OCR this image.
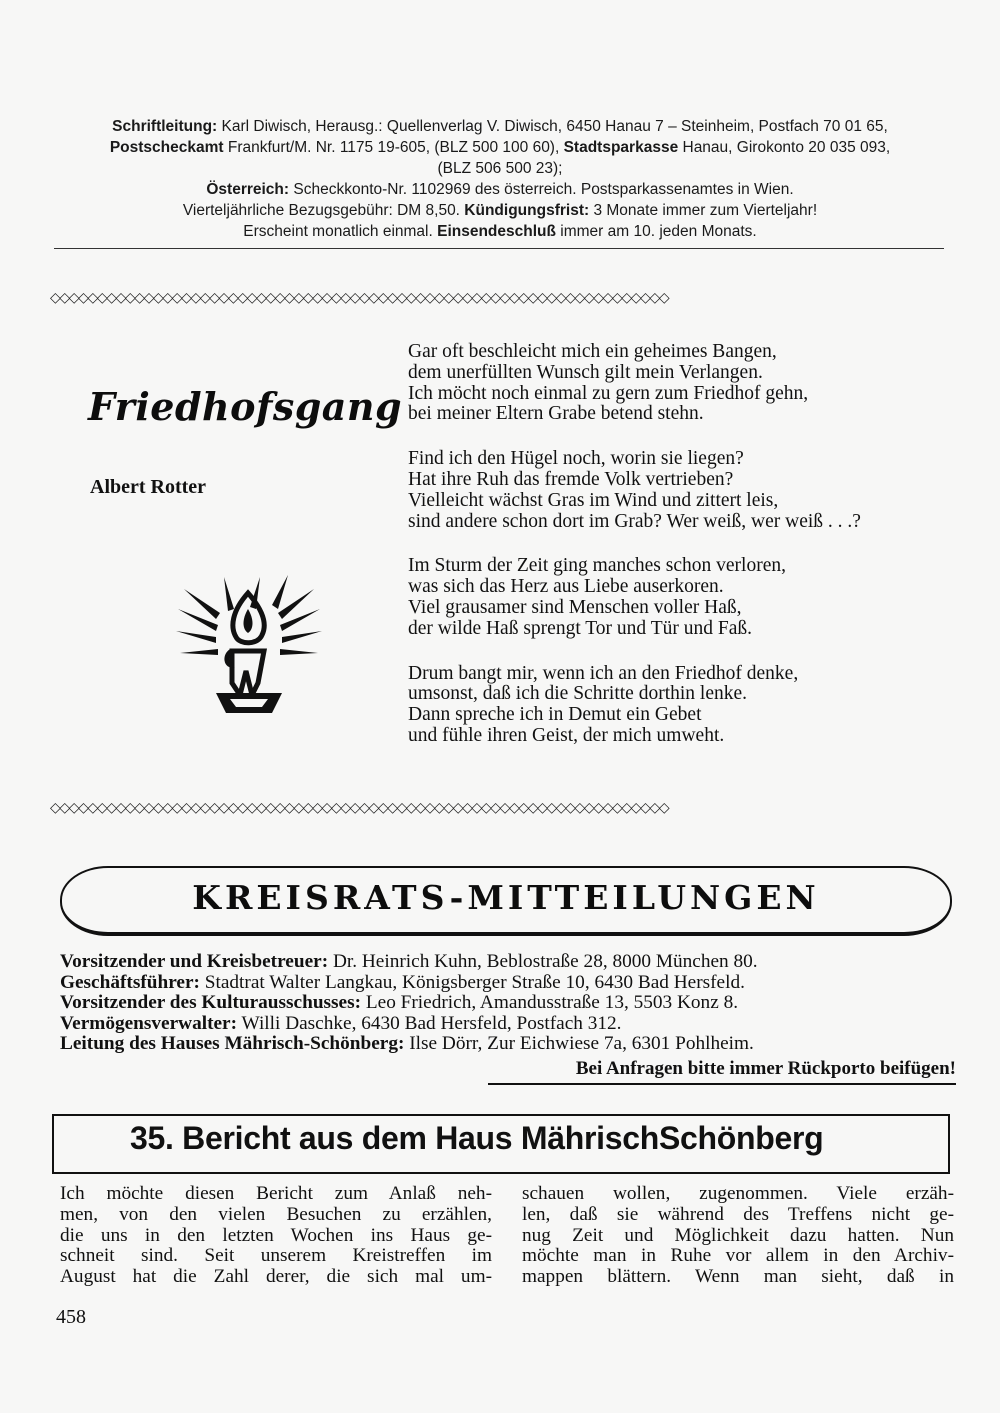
Schriftleitung: Karl Diwisch, Herausg.: Quellenverlag V. Diwisch, 6450 Hanau 7 – Steinheim, Postfach 70 01 65,
Postscheckamt Frankfurt/M. Nr. 1175 19-605, (BLZ 500 100 60), Stadtsparkasse Hanau, Girokonto 20 035 093,
(BLZ 506 500 23);
Österreich: Scheckkonto-Nr. 1102969 des österreich. Postsparkassenamtes in Wien.
Vierteljährliche Bezugsgebühr: DM 8,50. Kündigungsfrist: 3 Monate immer zum Vierteljahr!
Erscheint monatlich einmal. Einsendeschluß immer am 10. jeden Monats.
◇◇◇◇◇◇◇◇◇◇◇◇◇◇◇◇◇◇◇◇◇◇◇◇◇◇◇◇◇◇◇◇◇◇◇◇◇◇◇◇◇◇◇◇◇◇◇◇◇◇◇◇◇◇◇◇◇◇◇◇◇◇◇◇◇◇
Friedhofsgang
Albert Rotter
Gar oft beschleicht mich ein geheimes Bangen,
dem unerfüllten Wunsch gilt mein Verlangen.
Ich möcht noch einmal zu gern zum Friedhof gehn,
bei meiner Eltern Grabe betend stehn.
Find ich den Hügel noch, worin sie liegen?
Hat ihre Ruh das fremde Volk vertrieben?
Vielleicht wächst Gras im Wind und zittert leis,
sind andere schon dort im Grab? Wer weiß, wer weiß . . .?
Im Sturm der Zeit ging manches schon verloren,
was sich das Herz aus Liebe auserkoren.
Viel grausamer sind Menschen voller Haß,
der wilde Haß sprengt Tor und Tür und Faß.
Drum bangt mir, wenn ich an den Friedhof denke,
umsonst, daß ich die Schritte dorthin lenke.
Dann spreche ich in Demut ein Gebet
und fühle ihren Geist, der mich umweht.
◇◇◇◇◇◇◇◇◇◇◇◇◇◇◇◇◇◇◇◇◇◇◇◇◇◇◇◇◇◇◇◇◇◇◇◇◇◇◇◇◇◇◇◇◇◇◇◇◇◇◇◇◇◇◇◇◇◇◇◇◇◇◇◇◇◇
KREISRATS-MITTEILUNGEN
Vorsitzender und Kreisbetreuer: Dr. Heinrich Kuhn, Beblostraße 28, 8000 München 80.
Geschäftsführer: Stadtrat Walter Langkau, Königsberger Straße 10, 6430 Bad Hersfeld.
Vorsitzender des Kulturausschusses: Leo Friedrich, Amandusstraße 13, 5503 Konz 8.
Vermögensverwalter: Willi Daschke, 6430 Bad Hersfeld, Postfach 312.
Leitung des Hauses Mährisch-Schönberg: Ilse Dörr, Zur Eichwiese 7a, 6301 Pohlheim.
Bei Anfragen bitte immer Rückporto beifügen!
35. Bericht aus dem Haus MährischSchönberg
Ich möchte diesen Bericht zum Anlaß neh-
men, von den vielen Besuchen zu erzählen,
die uns in den letzten Wochen ins Haus ge-
schneit sind. Seit unserem Kreistreffen im
August hat die Zahl derer, die sich mal um-
schauen wollen, zugenommen. Viele erzäh-
len, daß sie während des Treffens nicht ge-
nug Zeit und Möglichkeit dazu hatten. Nun
möchte man in Ruhe vor allem in den Archiv-
mappen blättern. Wenn man sieht, daß in
458
